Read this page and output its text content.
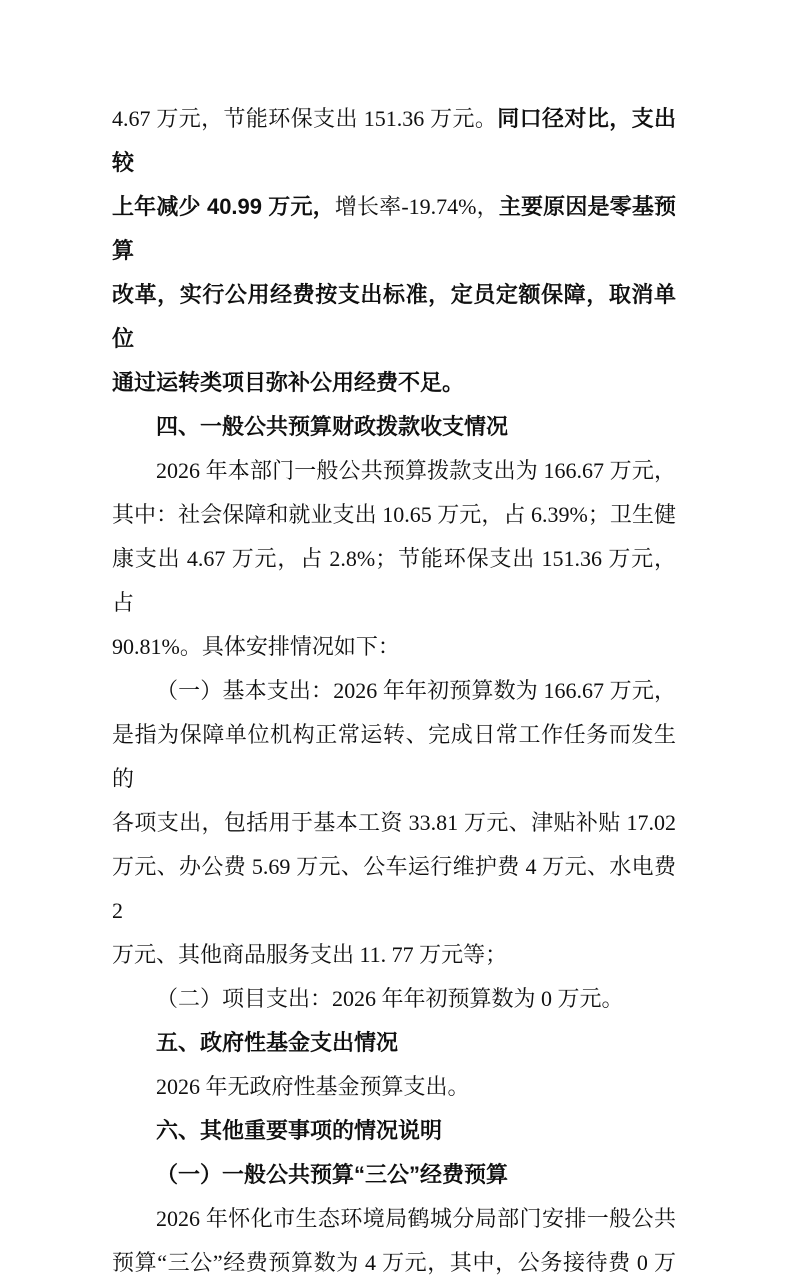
4.67 万元，节能环保支出 151.36 万元。同口径对比，支出较
上年减少 40.99 万元，增长率-19.74%，主要原因是零基预算
改革，实行公用经费按支出标准，定员定额保障，取消单位
通过运转类项目弥补公用经费不足。
四、一般公共预算财政拨款收支情况
2026 年本部门一般公共预算拨款支出为 166.67 万元，
其中：社会保障和就业支出 10.65 万元，占 6.39%；卫生健
康支出 4.67 万元，占 2.8%；节能环保支出 151.36 万元，占
90.81%。具体安排情况如下：
（一）基本支出：2026 年年初预算数为 166.67 万元，
是指为保障单位机构正常运转、完成日常工作任务而发生的
各项支出，包括用于基本工资 33.81 万元、津贴补贴 17.02
万元、办公费 5.69 万元、公车运行维护费 4 万元、水电费 2
万元、其他商品服务支出 11. 77 万元等；
（二）项目支出：2026 年年初预算数为 0 万元。
五、政府性基金支出情况
2026 年无政府性基金预算支出。
六、其他重要事项的情况说明
（一）一般公共预算“三公”经费预算
2026 年怀化市生态环境局鹤城分局部门安排一般公共
预算“三公”经费预算数为 4 万元，其中，公务接待费 0 万
